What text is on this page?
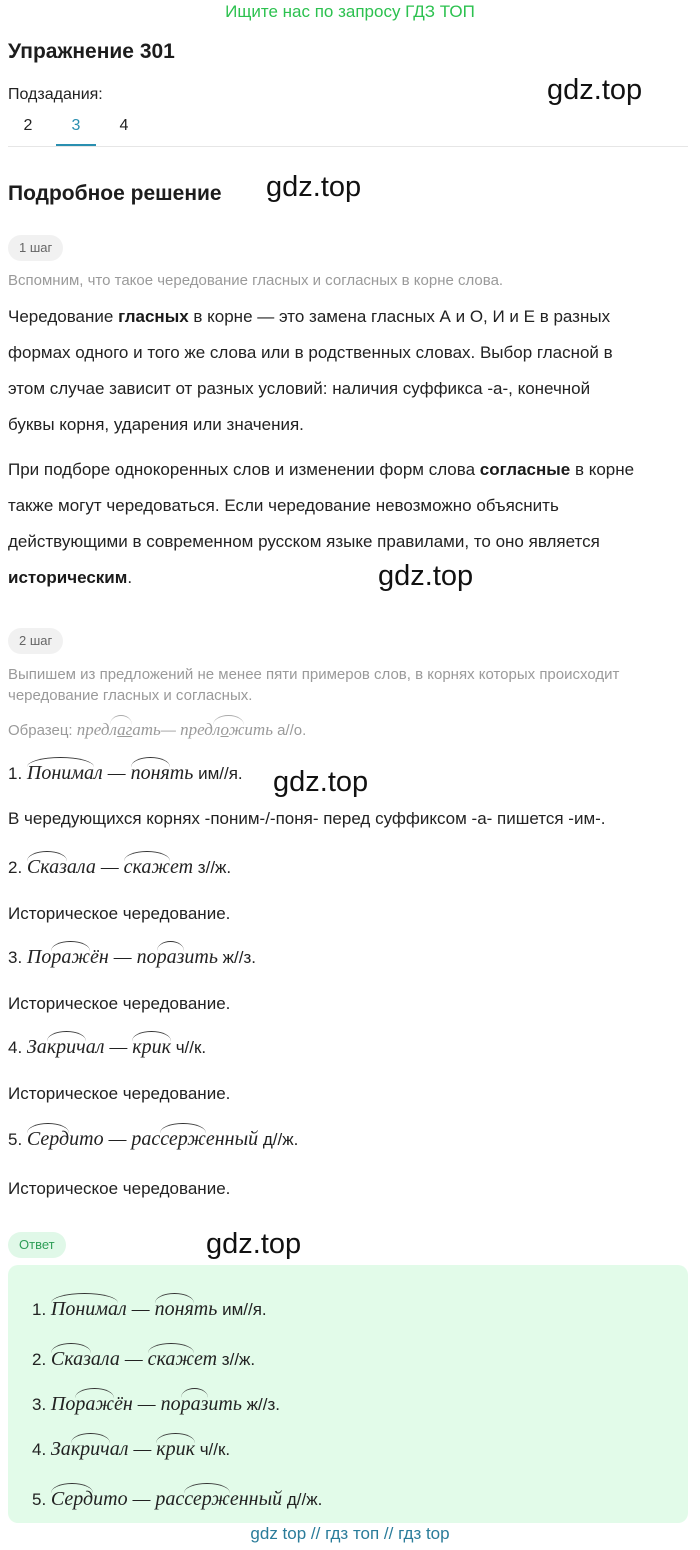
Ищите нас по запросу ГДЗ ТОП
Упражнение 301
Подзадания:
2	3	4
gdz.top
gdz.top
gdz.top
gdz.top
gdz.top
Подробное решение
1 шаг
Вспомним, что такое чередование гласных и согласных в корне слова.
Чередование гласных в корне — это замена гласных А и О, И и Е в разных
формах одного и того же слова или в родственных словах. Выбор гласной в
этом случае зависит от разных условий: наличия суффикса -а-, конечной
буквы корня, ударения или значения.
При подборе однокоренных слов и изменении форм слова согласные в корне
также могут чередоваться. Если чередование невозможно объяснить
действующими в современном русском языке правилами, то оно является
историческим.
2 шаг
Выпишем из предложений не менее пяти примеров слов, в корнях которых происходит
чередование гласных и согласных.
Образец: предлагать— предложить а//о.
1. Понимал — понять им//я.
В чередующихся корнях -поним-/-поня- перед суффиксом -а- пишется -им-.
2. Сказала — скажет з//ж.
Историческое чередование.
3. Поражён — поразить ж//з.
Историческое чередование.
4. Закричал — крик ч//к.
Историческое чередование.
5. Сердито — рассерженный д//ж.
Историческое чередование.
Ответ
1. Понимал — понять им//я.
2. Сказала — скажет з//ж.
3. Поражён — поразить ж//з.
4. Закричал — крик ч//к.
5. Сердито — рассерженный д//ж.
gdz top // гдз топ // гдз top
